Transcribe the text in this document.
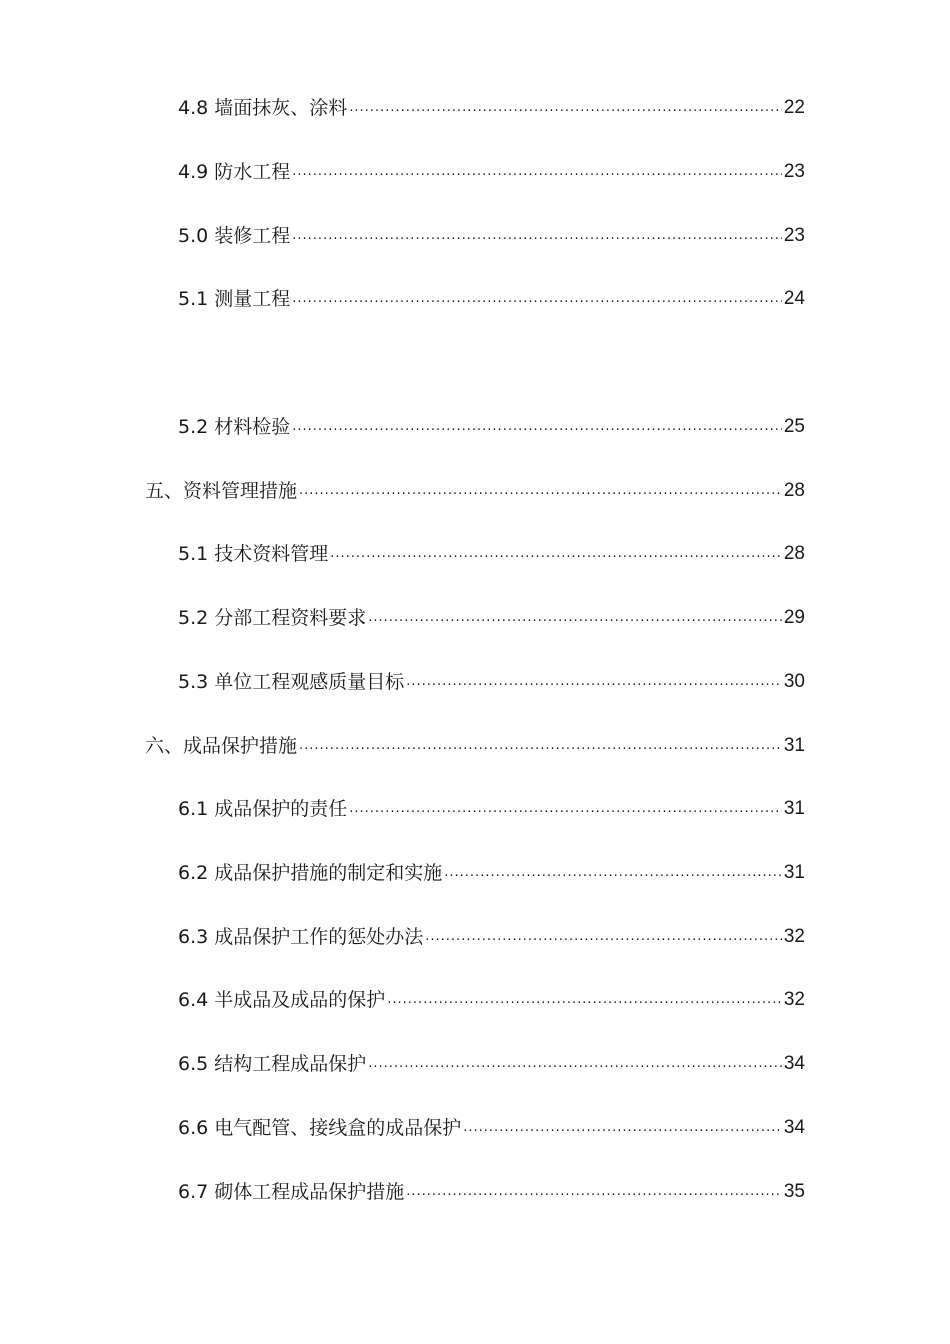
4.8 墙面抹灰、涂料 .....	22
4.9 防水工程 .....	23
5.0 装修工程 .....	23
5.1 测量工程 .....	24
5.2 材料检验 .....	25
五、资料管理措施 .....	28
5.1 技术资料管理 .....	28
5.2 分部工程资料要求 .....	29
5.3 单位工程观感质量目标 .....	30
六、成品保护措施 .....	31
6.1 成品保护的责任 .....	31
6.2 成品保护措施的制定和实施 .....	31
6.3 成品保护工作的惩处办法 .....	32
6.4 半成品及成品的保护 .....	32
6.5 结构工程成品保护 .....	34
6.6 电气配管、接线盒的成品保护 .....	34
6.7 砌体工程成品保护措施 .....	35
